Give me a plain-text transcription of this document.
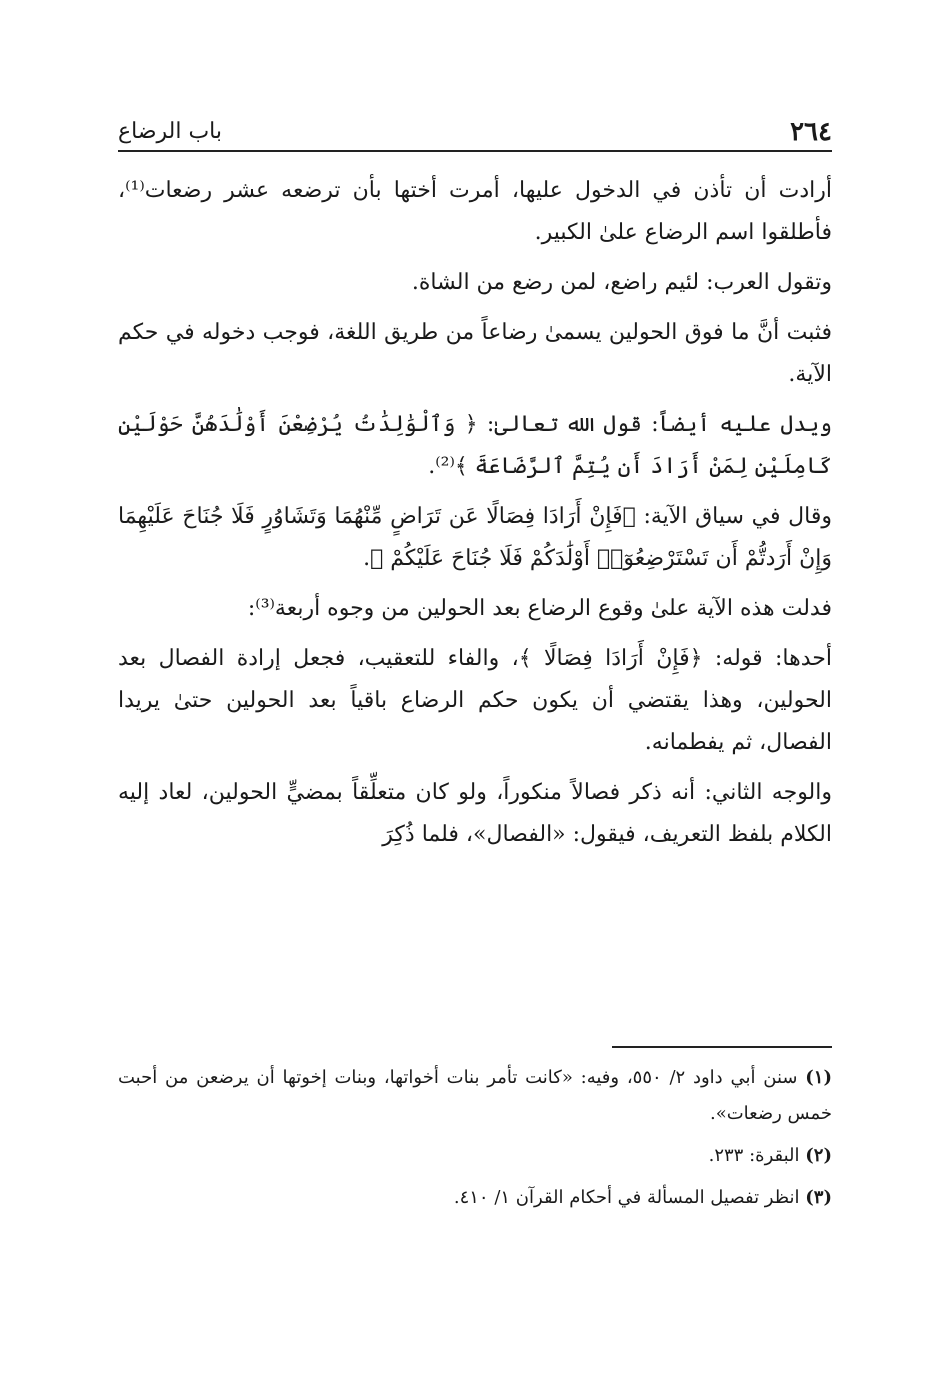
٢٦٤
باب الرضاع

أرادت أن تأذن في الدخول عليها، أمرت أختها بأن ترضعه عشر رضعات⁽¹⁾، فأطلقوا اسم الرضاع علىٰ الكبير.

وتقول العرب: لئيم راضع، لمن رضع من الشاة.

فثبت أنَّ ما فوق الحولين يسمىٰ رضاعاً من طريق اللغة، فوجب دخوله في حكم الآية.

ويدل عليه أيضاً: قول الله تعالىٰ: ﴿ وَٱلْوَٰلِدَٰتُ يُرْضِعْنَ أَوْلَٰدَهُنَّ حَوْلَيْنِ كَامِلَيْنِ لِمَنْ أَرَادَ أَن يُتِمَّ ٱلرَّضَاعَةَ ﴾⁽²⁾.

وقال في سياق الآية: ﴿فَإِنْ أَرَادَا فِصَالًا عَن تَرَاضٍ مِّنْهُمَا وَتَشَاوُرٍ فَلَا جُنَاحَ عَلَيْهِمَا وَإِنْ أَرَدتُّمْ أَن تَسْتَرْضِعُوٓا۟ أَوْلَٰدَكُمْ فَلَا جُنَاحَ عَلَيْكُمْ ﴾.

فدلت هذه الآية علىٰ وقوع الرضاع بعد الحولين من وجوه أربعة⁽³⁾:

أحدها: قوله: ﴿فَإِنْ أَرَادَا فِصَالًا ﴾، والفاء للتعقيب، فجعل إرادة الفصال بعد الحولين، وهذا يقتضي أن يكون حكم الرضاع باقياً بعد الحولين حتىٰ يريدا الفصال، ثم يفطمانه.

والوجه الثاني: أنه ذكر فصالاً منكوراً، ولو كان متعلِّقاً بمضيٍّ الحولين، لعاد إليه الكلام بلفظ التعريف، فيقول: «الفصال»، فلما ذُكِرَ

(١) سنن أبي داود ٢/ ٥٥٠، وفيه: «كانت تأمر بنات أخواتها، وبنات إخوتها أن يرضعن من أحبت خمس رضعات».

(٢) البقرة: ٢٣٣.

(٣) انظر تفصيل المسألة في أحكام القرآن ١/ ٤١٠.
